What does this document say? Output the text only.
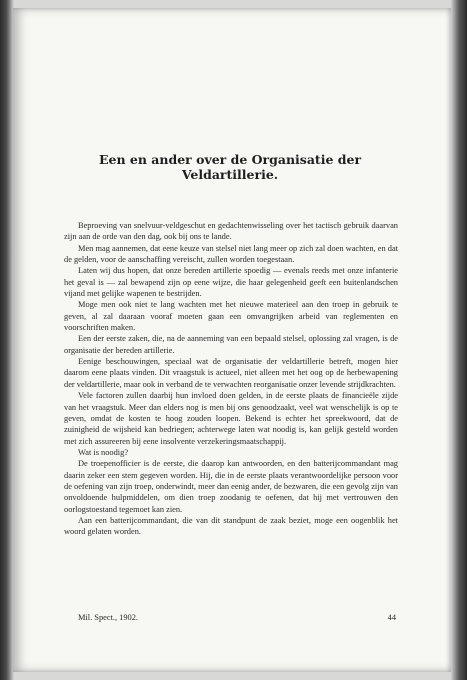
Een en ander over de Organisatie der
Veldartillerie.

Beproeving van snelvuur-veldgeschut en gedachtenwisseling over het tactisch gebruik daarvan zijn aan de orde van den dag, ook bij ons te lande.

Men mag aannemen, dat eene keuze van stelsel niet lang meer op zich zal doen wachten, en dat de gelden, voor de aanschaffing vereischt, zullen worden toegestaan.

Laten wij dus hopen, dat onze bereden artillerie spoedig — evenals reeds met onze infanterie het geval is — zal bewapend zijn op eene wijze, die haar gelegenheid geeft een buitenlandschen vijand met gelijke wapenen te bestrijden.

Moge men ook niet te lang wachten met het nieuwe materieel aan den troep in gebruik te geven, al zal daaraan vooraf moeten gaan een omvangrijken arbeid van reglementen en voorschriften maken.

Een der eerste zaken, die, na de aanneming van een bepaald stelsel, oplossing zal vragen, is de organisatie der bereden artillerie.

Eenige beschouwingen, speciaal wat de organisatie der veldartillerie betreft, mogen hier daarom eene plaats vinden. Dit vraagstuk is actueel, niet alleen met het oog op de herbewapening der veldartillerie, maar ook in verband de te verwachten reorganisatie onzer levende strijdkrachten.

Vele factoren zullen daarbij hun invloed doen gelden, in de eerste plaats de financieële zijde van het vraagstuk. Meer dan elders nog is men bij ons genoodzaakt, veel wat wenschelijk is op te geven, omdat de kosten te hoog zouden loopen. Bekend is echter het spreekwoord, dat de zuinigheid de wijsheid kan bedriegen; achterwege laten wat noodig is, kan gelijk gesteld worden met zich assureeren bij eene insolvente verzekeringsmaatschappij.

Wat is noodig?

De troepenofficier is de eerste, die daarop kan antwoorden, en den batterijcommandant mag daarin zeker een stem gegeven worden. Hij, die in de eerste plaats verantwoordelijke persoon voor de oefening van zijn troep, onderwindt, meer dan eenig ander, de bezwaren, die een gevolg zijn van onvoldoende hulpmiddelen, om dien troep zoodanig te oefenen, dat hij met vertrouwen den oorlogstoestand tegemoet kan zien.

Aan een batterijcommandant, die van dit standpunt de zaak beziet, moge een oogenblik het woord gelaten worden.

Mil. Spect., 1902.	44
